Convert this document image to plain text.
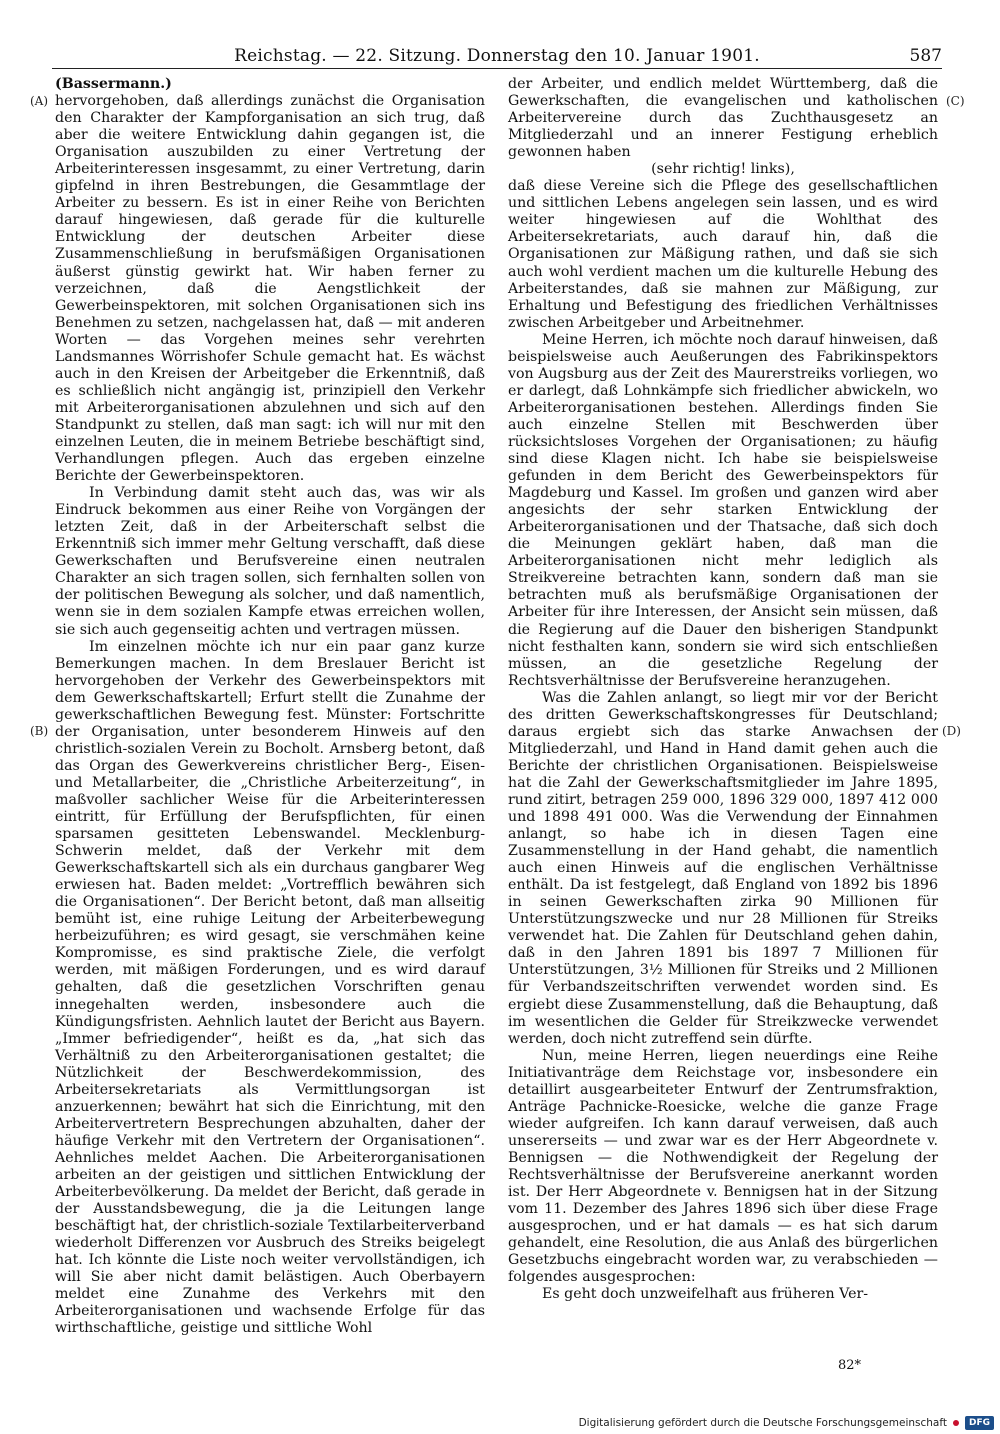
Reichstag. — 22. Sitzung. Donnerstag den 10. Januar 1901.	587
(A)
(B)
(C)
(D)

(Bassermann.)

hervorgehoben, daß allerdings zunächst die Organisation den Charakter der Kampforganisation an sich trug, daß aber die weitere Entwicklung dahin gegangen ist, die Organisation auszubilden zu einer Vertretung der Arbeiterinteressen insgesammt, zu einer Vertretung, darin gipfelnd in ihren Bestrebungen, die Gesammtlage der Arbeiter zu bessern. Es ist in einer Reihe von Berichten darauf hingewiesen, daß gerade für die kulturelle Entwicklung der deutschen Arbeiter diese Zusammenschließung in berufsmäßigen Organisationen äußerst günstig gewirkt hat. Wir haben ferner zu verzeichnen, daß die Aengstlichkeit der Gewerbeinspektoren, mit solchen Organisationen sich ins Benehmen zu setzen, nachgelassen hat, daß — mit anderen Worten — das Vorgehen meines sehr verehrten Landsmannes Wörrishofer Schule gemacht hat. Es wächst auch in den Kreisen der Arbeitgeber die Erkenntniß, daß es schließlich nicht angängig ist, prinzipiell den Verkehr mit Arbeiterorganisationen abzulehnen und sich auf den Standpunkt zu stellen, daß man sagt: ich will nur mit den einzelnen Leuten, die in meinem Betriebe beschäftigt sind, Verhandlungen pflegen. Auch das ergeben einzelne Berichte der Gewerbeinspektoren.

In Verbindung damit steht auch das, was wir als Eindruck bekommen aus einer Reihe von Vorgängen der letzten Zeit, daß in der Arbeiterschaft selbst die Erkenntniß sich immer mehr Geltung verschafft, daß diese Gewerkschaften und Berufsvereine einen neutralen Charakter an sich tragen sollen, sich fernhalten sollen von der politischen Bewegung als solcher, und daß namentlich, wenn sie in dem sozialen Kampfe etwas erreichen wollen, sie sich auch gegenseitig achten und vertragen müssen.

Im einzelnen möchte ich nur ein paar ganz kurze Bemerkungen machen. In dem Breslauer Bericht ist hervorgehoben der Verkehr des Gewerbeinspektors mit dem Gewerkschaftskartell; Erfurt stellt die Zunahme der gewerkschaftlichen Bewegung fest. Münster: Fortschritte der Organisation, unter besonderem Hinweis auf den christlich-sozialen Verein zu Bocholt. Arnsberg betont, daß das Organ des Gewerkvereins christlicher Berg-, Eisen- und Metallarbeiter, die „Christliche Arbeiterzeitung“, in maßvoller sachlicher Weise für die Arbeiterinteressen eintritt, für Erfüllung der Berufspflichten, für einen sparsamen gesitteten Lebenswandel. Mecklenburg-Schwerin meldet, daß der Verkehr mit dem Gewerkschaftskartell sich als ein durchaus gangbarer Weg erwiesen hat. Baden meldet: „Vortrefflich bewähren sich die Organisationen“. Der Bericht betont, daß man allseitig bemüht ist, eine ruhige Leitung der Arbeiterbewegung herbeizuführen; es wird gesagt, sie verschmähen keine Kompromisse, es sind praktische Ziele, die verfolgt werden, mit mäßigen Forderungen, und es wird darauf gehalten, daß die gesetzlichen Vorschriften genau innegehalten werden, insbesondere auch die Kündigungsfristen. Aehnlich lautet der Bericht aus Bayern. „Immer befriedigender“, heißt es da, „hat sich das Verhältniß zu den Arbeiterorganisationen gestaltet; die Nützlichkeit der Beschwerdekommission, des Arbeitersekretariats als Vermittlungsorgan ist anzuerkennen; bewährt hat sich die Einrichtung, mit den Arbeitervertretern Besprechungen abzuhalten, daher der häufige Verkehr mit den Vertretern der Organisationen“. Aehnliches meldet Aachen. Die Arbeiterorganisationen arbeiten an der geistigen und sittlichen Entwicklung der Arbeiterbevölkerung. Da meldet der Bericht, daß gerade in der Ausstandsbewegung, die ja die Leitungen lange beschäftigt hat, der christlich-soziale Textilarbeiterverband wiederholt Differenzen vor Ausbruch des Streiks beigelegt hat. Ich könnte die Liste noch weiter vervollständigen, ich will Sie aber nicht damit belästigen. Auch Oberbayern meldet eine Zunahme des Verkehrs mit den Arbeiterorganisationen und wachsende Erfolge für das wirthschaftliche, geistige und sittliche Wohl

der Arbeiter, und endlich meldet Württemberg, daß die Gewerkschaften, die evangelischen und katholischen Arbeitervereine durch das Zuchthausgesetz an Mitgliederzahl und an innerer Festigung erheblich gewonnen haben

(sehr richtig! links),

daß diese Vereine sich die Pflege des gesellschaftlichen und sittlichen Lebens angelegen sein lassen, und es wird weiter hingewiesen auf die Wohlthat des Arbeitersekretariats, auch darauf hin, daß die Organisationen zur Mäßigung rathen, und daß sie sich auch wohl verdient machen um die kulturelle Hebung des Arbeiterstandes, daß sie mahnen zur Mäßigung, zur Erhaltung und Befestigung des friedlichen Verhältnisses zwischen Arbeitgeber und Arbeitnehmer.

Meine Herren, ich möchte noch darauf hinweisen, daß beispielsweise auch Aeußerungen des Fabrikinspektors von Augsburg aus der Zeit des Maurerstreiks vorliegen, wo er darlegt, daß Lohnkämpfe sich friedlicher abwickeln, wo Arbeiterorganisationen bestehen. Allerdings finden Sie auch einzelne Stellen mit Beschwerden über rücksichtsloses Vorgehen der Organisationen; zu häufig sind diese Klagen nicht. Ich habe sie beispielsweise gefunden in dem Bericht des Gewerbeinspektors für Magdeburg und Kassel. Im großen und ganzen wird aber angesichts der sehr starken Entwicklung der Arbeiterorganisationen und der Thatsache, daß sich doch die Meinungen geklärt haben, daß man die Arbeiterorganisationen nicht mehr lediglich als Streikvereine betrachten kann, sondern daß man sie betrachten muß als berufsmäßige Organisationen der Arbeiter für ihre Interessen, der Ansicht sein müssen, daß die Regierung auf die Dauer den bisherigen Standpunkt nicht festhalten kann, sondern sie wird sich entschließen müssen, an die gesetzliche Regelung der Rechtsverhältnisse der Berufsvereine heranzugehen.

Was die Zahlen anlangt, so liegt mir vor der Bericht des dritten Gewerkschaftskongresses für Deutschland; daraus ergiebt sich das starke Anwachsen der Mitgliederzahl, und Hand in Hand damit gehen auch die Berichte der christlichen Organisationen. Beispielsweise hat die Zahl der Gewerkschaftsmitglieder im Jahre 1895, rund zitirt, betragen 259 000, 1896 329 000, 1897 412 000 und 1898 491 000. Was die Verwendung der Einnahmen anlangt, so habe ich in diesen Tagen eine Zusammenstellung in der Hand gehabt, die namentlich auch einen Hinweis auf die englischen Verhältnisse enthält. Da ist festgelegt, daß England von 1892 bis 1896 in seinen Gewerkschaften zirka 90 Millionen für Unterstützungszwecke und nur 28 Millionen für Streiks verwendet hat. Die Zahlen für Deutschland gehen dahin, daß in den Jahren 1891 bis 1897 7 Millionen für Unterstützungen, 3½ Millionen für Streiks und 2 Millionen für Verbandszeitschriften verwendet worden sind. Es ergiebt diese Zusammenstellung, daß die Behauptung, daß im wesentlichen die Gelder für Streikzwecke verwendet werden, doch nicht zutreffend sein dürfte.

Nun, meine Herren, liegen neuerdings eine Reihe Initiativanträge dem Reichstage vor, insbesondere ein detaillirt ausgearbeiteter Entwurf der Zentrumsfraktion, Anträge Pachnicke-Roesicke, welche die ganze Frage wieder aufgreifen. Ich kann darauf verweisen, daß auch unsererseits — und zwar war es der Herr Abgeordnete v. Bennigsen — die Nothwendigkeit der Regelung der Rechtsverhältnisse der Berufsvereine anerkannt worden ist. Der Herr Abgeordnete v. Bennigsen hat in der Sitzung vom 11. Dezember des Jahres 1896 sich über diese Frage ausgesprochen, und er hat damals — es hat sich darum gehandelt, eine Resolution, die aus Anlaß des bürgerlichen Gesetzbuchs eingebracht worden war, zu verabschieden — folgendes ausgesprochen:

Es geht doch unzweifelhaft aus früheren Ver-

82*
Digitalisierung gefördert durch die Deutsche Forschungsgemeinschaft	DFG
